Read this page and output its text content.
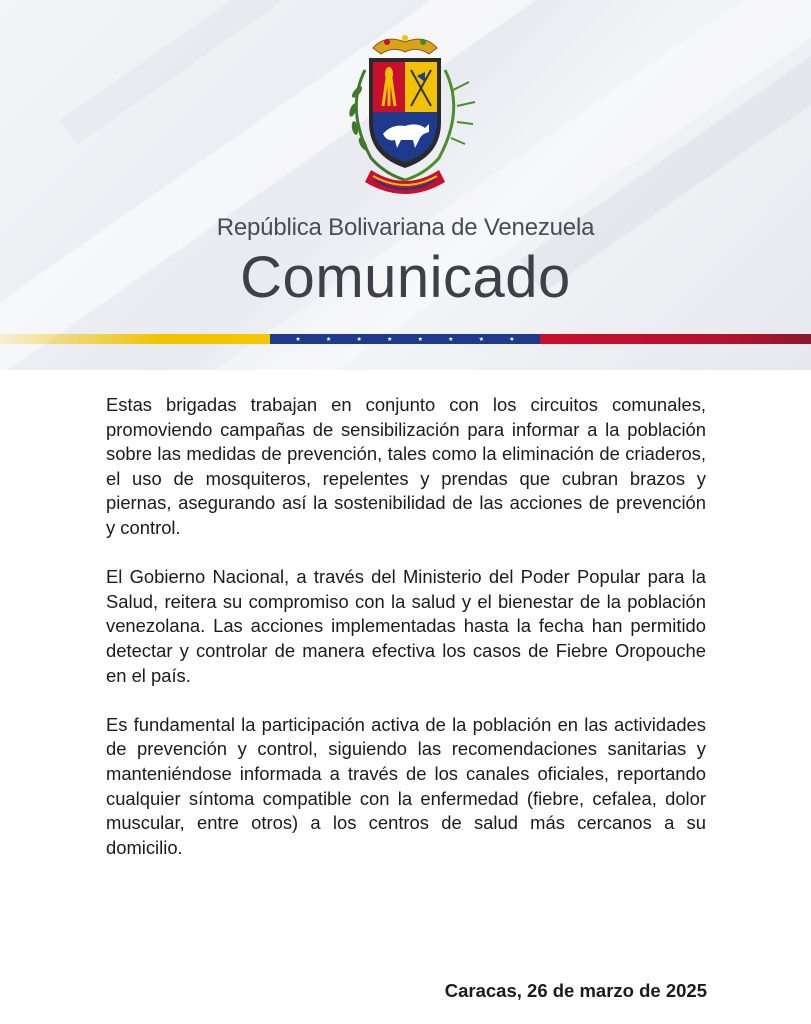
República Bolivariana de Venezuela
Comunicado

Estas brigadas trabajan en conjunto con los circuitos comunales, promoviendo campañas de sensibilización para informar a la población sobre las medidas de prevención, tales como la eliminación de criaderos, el uso de mosquiteros, repelentes y prendas que cubran brazos y piernas, asegurando así la sostenibilidad de las acciones de prevención y control.

El Gobierno Nacional, a través del Ministerio del Poder Popular para la Salud, reitera su compromiso con la salud y el bienestar de la población venezolana. Las acciones implementadas hasta la fecha han permitido detectar y controlar de manera efectiva los casos de Fiebre Oropouche en el país.

Es fundamental la participación activa de la población en las actividades de prevención y control, siguiendo las recomendaciones sanitarias y manteniéndose informada a través de los canales oficiales, reportando cualquier síntoma compatible con la enfermedad (fiebre, cefalea, dolor muscular, entre otros) a los centros de salud más cercanos a su domicilio.

Caracas, 26 de marzo de 2025
